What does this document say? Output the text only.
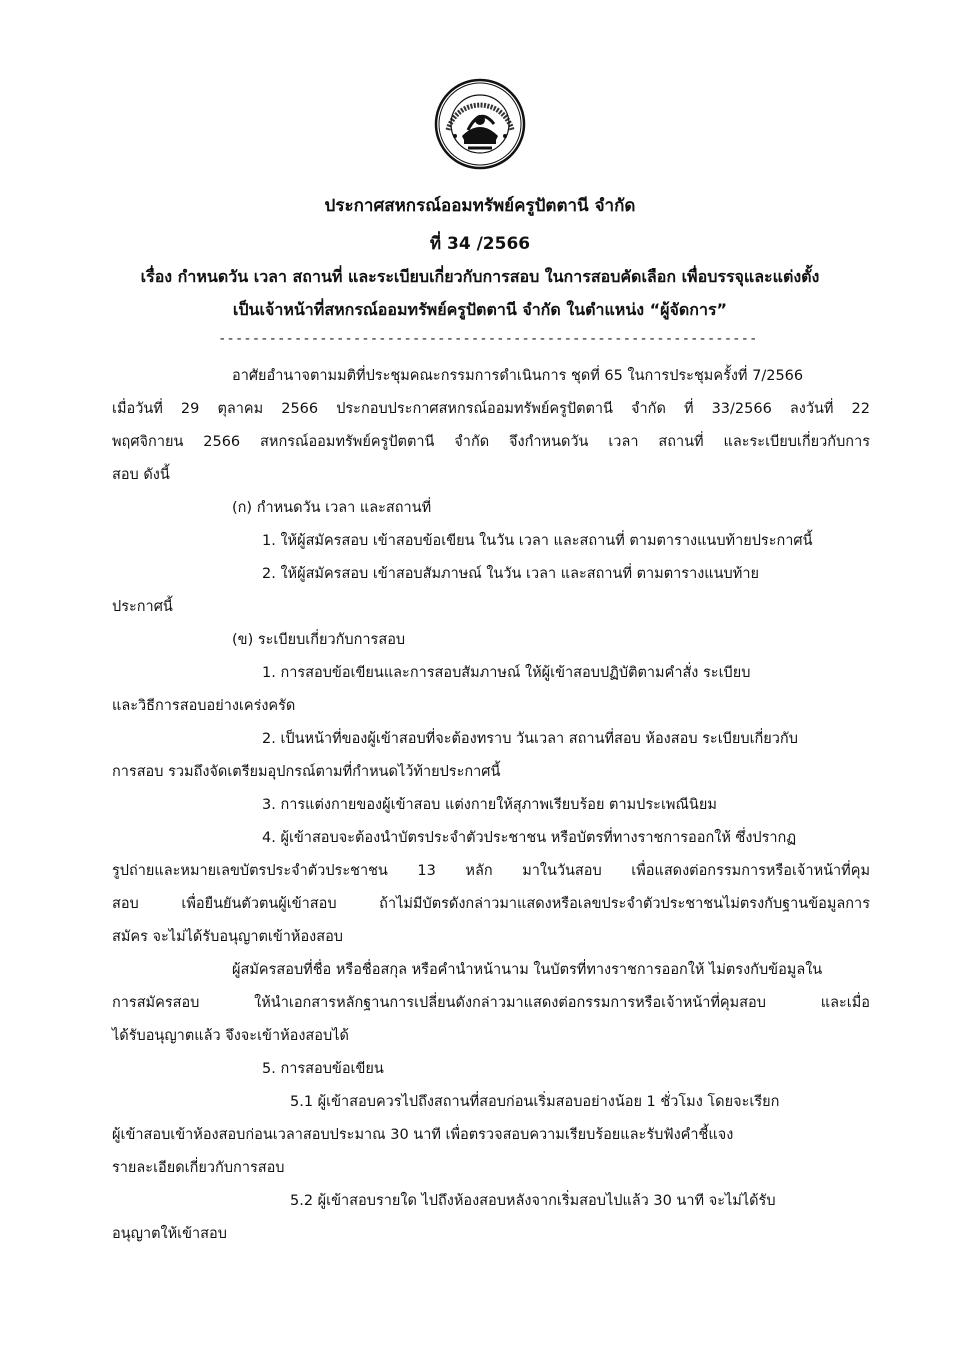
ประกาศสหกรณ์ออมทรัพย์ครูปัตตานี จำกัด
ที่ 34 /2566
เรื่อง กำหนดวัน เวลา สถานที่ และระเบียบเกี่ยวกับการสอบ ในการสอบคัดเลือก เพื่อบรรจุและแต่งตั้ง
เป็นเจ้าหน้าที่สหกรณ์ออมทรัพย์ครูปัตตานี จำกัด ในตำแหน่ง “ผู้จัดการ”
----------------------------------------------------------------
อาศัยอำนาจตามมติที่ประชุมคณะกรรมการดำเนินการ ชุดที่ 65 ในการประชุมครั้งที่ 7/2566
เมื่อวันที่ 29 ตุลาคม 2566 ประกอบประกาศสหกรณ์ออมทรัพย์ครูปัตตานี จำกัด ที่ 33/2566 ลงวันที่ 22
พฤศจิกายน 2566 สหกรณ์ออมทรัพย์ครูปัตตานี จำกัด จึงกำหนดวัน เวลา สถานที่ และระเบียบเกี่ยวกับการ
สอบ ดังนี้
(ก) กำหนดวัน เวลา และสถานที่
1. ให้ผู้สมัครสอบ เข้าสอบข้อเขียน ในวัน เวลา และสถานที่ ตามตารางแนบท้ายประกาศนี้
2. ให้ผู้สมัครสอบ เข้าสอบสัมภาษณ์ ในวัน เวลา และสถานที่ ตามตารางแนบท้าย
ประกาศนี้
(ข) ระเบียบเกี่ยวกับการสอบ
1. การสอบข้อเขียนและการสอบสัมภาษณ์ ให้ผู้เข้าสอบปฏิบัติตามคำสั่ง ระเบียบ
และวิธีการสอบอย่างเคร่งครัด
2. เป็นหน้าที่ของผู้เข้าสอบที่จะต้องทราบ วันเวลา สถานที่สอบ ห้องสอบ ระเบียบเกี่ยวกับ
การสอบ รวมถึงจัดเตรียมอุปกรณ์ตามที่กำหนดไว้ท้ายประกาศนี้
3. การแต่งกายของผู้เข้าสอบ แต่งกายให้สุภาพเรียบร้อย ตามประเพณีนิยม
4. ผู้เข้าสอบจะต้องนำบัตรประจำตัวประชาชน หรือบัตรที่ทางราชการออกให้ ซึ่งปรากฏ
รูปถ่ายและหมายเลขบัตรประจำตัวประชาชน 13 หลัก มาในวันสอบ เพื่อแสดงต่อกรรมการหรือเจ้าหน้าที่คุม
สอบ เพื่อยืนยันตัวตนผู้เข้าสอบ ถ้าไม่มีบัตรดังกล่าวมาแสดงหรือเลขประจำตัวประชาชนไม่ตรงกับฐานข้อมูลการ
สมัคร จะไม่ได้รับอนุญาตเข้าห้องสอบ
ผู้สมัครสอบที่ชื่อ หรือชื่อสกุล หรือคำนำหน้านาม ในบัตรที่ทางราชการออกให้ ไม่ตรงกับข้อมูลใน
การสมัครสอบ ให้นำเอกสารหลักฐานการเปลี่ยนดังกล่าวมาแสดงต่อกรรมการหรือเจ้าหน้าที่คุมสอบ และเมื่อ
ได้รับอนุญาตแล้ว จึงจะเข้าห้องสอบได้
5. การสอบข้อเขียน
5.1 ผู้เข้าสอบควรไปถึงสถานที่สอบก่อนเริ่มสอบอย่างน้อย 1 ชั่วโมง โดยจะเรียก
ผู้เข้าสอบเข้าห้องสอบก่อนเวลาสอบประมาณ 30 นาที เพื่อตรวจสอบความเรียบร้อยและรับฟังคำชี้แจง
รายละเอียดเกี่ยวกับการสอบ
5.2 ผู้เข้าสอบรายใด ไปถึงห้องสอบหลังจากเริ่มสอบไปแล้ว 30 นาที จะไม่ได้รับ
อนุญาตให้เข้าสอบ
